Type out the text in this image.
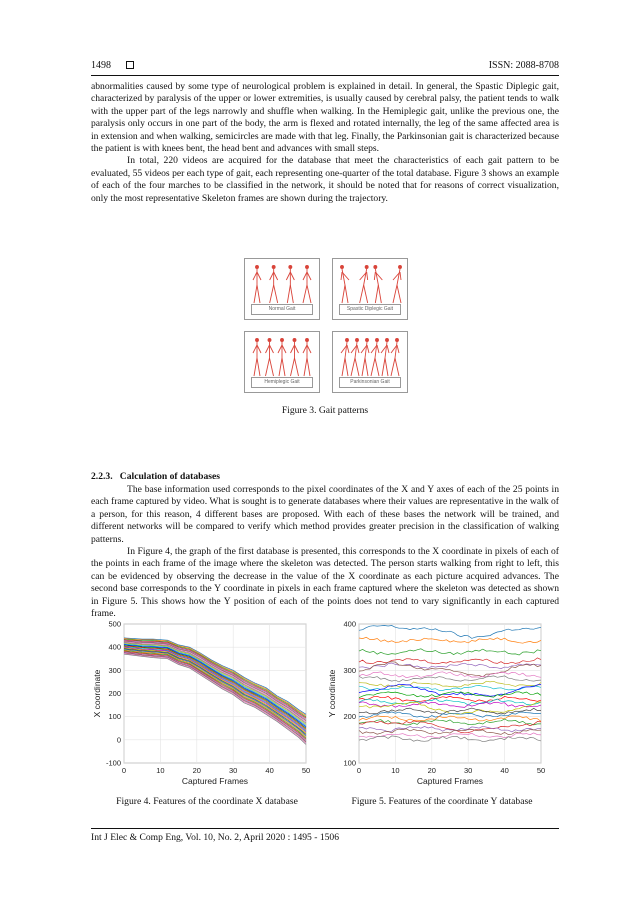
1498	ISSN: 2088-8708

abnormalities caused by some type of neurological problem is explained in detail. In general, the Spastic Diplegic gait, characterized by paralysis of the upper or lower extremities, is usually caused by cerebral palsy, the patient tends to walk with the upper part of the legs narrowly and shuffle when walking. In the Hemiplegic gait, unlike the previous one, the paralysis only occurs in one part of the body, the arm is flexed and rotated internally, the leg of the same affected area is in extension and when walking, semicircles are made with that leg. Finally, the Parkinsonian gait is characterized because the patient is with knees bent, the head bent and advances with small steps.

In total, 220 videos are acquired for the database that meet the characteristics of each gait pattern to be evaluated, 55 videos per each type of gait, each representing one-quarter of the total database. Figure 3 shows an example of each of the four marches to be classified in the network, it should be noted that for reasons of correct visualization, only the most representative Skeleton frames are shown during the trajectory.

Normal Gait	Spastic Diplegic Gait
Hemiplegic Gait	Parkinsonian Gait
Figure 3. Gait patterns
2.2.3. Calculation of databases

The base information used corresponds to the pixel coordinates of the X and Y axes of each of the 25 points in each frame captured by video. What is sought is to generate databases where their values are representative in the walk of a person, for this reason, 4 different bases are proposed. With each of these bases the network will be trained, and different networks will be compared to verify which method provides greater precision in the classification of walking patterns.

In Figure 4, the graph of the first database is presented, this corresponds to the X coordinate in pixels of each of the points in each frame of the image where the skeleton was detected. The person starts walking from right to left, this can be evidenced by observing the decrease in the value of the X coordinate as each picture acquired advances. The second base corresponds to the Y coordinate in pixels in each frame captured where the skeleton was detected as shown in Figure 5. This shows how the Y position of each of the points does not tend to vary significantly in each captured frame.

0	10	20	30	40	50
-100
0
100
200
300
400
500
Captured Frames
X coordinate
0	10	20	30	40	50
100
200
300
400
Captured Frames
Y coordinate
Figure 4. Features of the coordinate X database	Figure 5. Features of the coordinate Y database
Int J Elec & Comp Eng, Vol. 10, No. 2, April 2020 : 1495 - 1506
